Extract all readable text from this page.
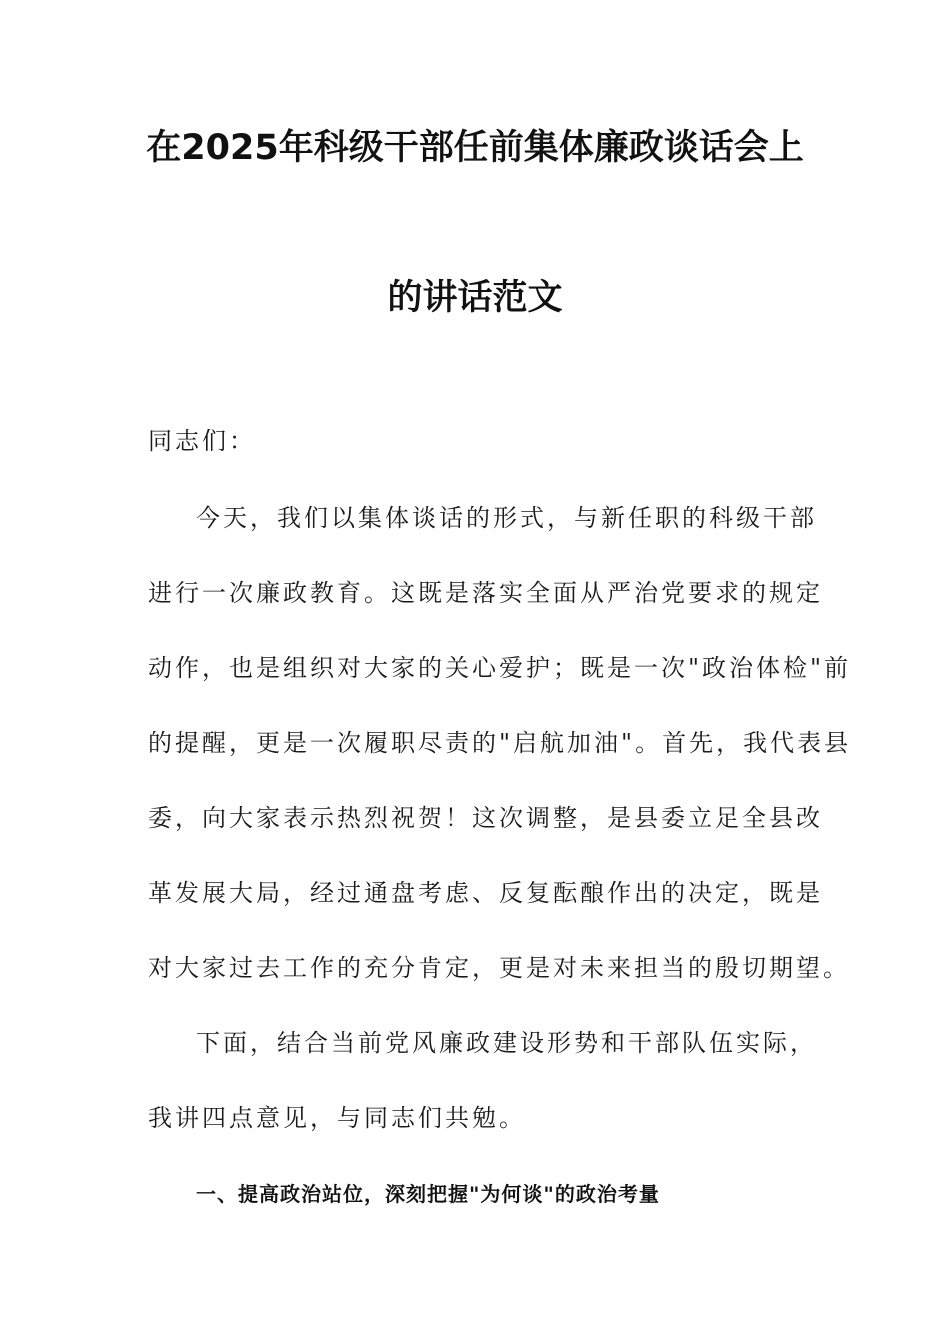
在2025年科级干部任前集体廉政谈话会上
的讲话范文
同志们：
今天，我们以集体谈话的形式，与新任职的科级干部
进行一次廉政教育。这既是落实全面从严治党要求的规定
动作，也是组织对大家的关心爱护；既是一次"政治体检"前
的提醒，更是一次履职尽责的"启航加油"。首先，我代表县
委，向大家表示热烈祝贺！这次调整，是县委立足全县改
革发展大局，经过通盘考虑、反复酝酿作出的决定，既是
对大家过去工作的充分肯定，更是对未来担当的殷切期望。
下面，结合当前党风廉政建设形势和干部队伍实际，
我讲四点意见，与同志们共勉。
一、提高政治站位，深刻把握"为何谈"的政治考量
